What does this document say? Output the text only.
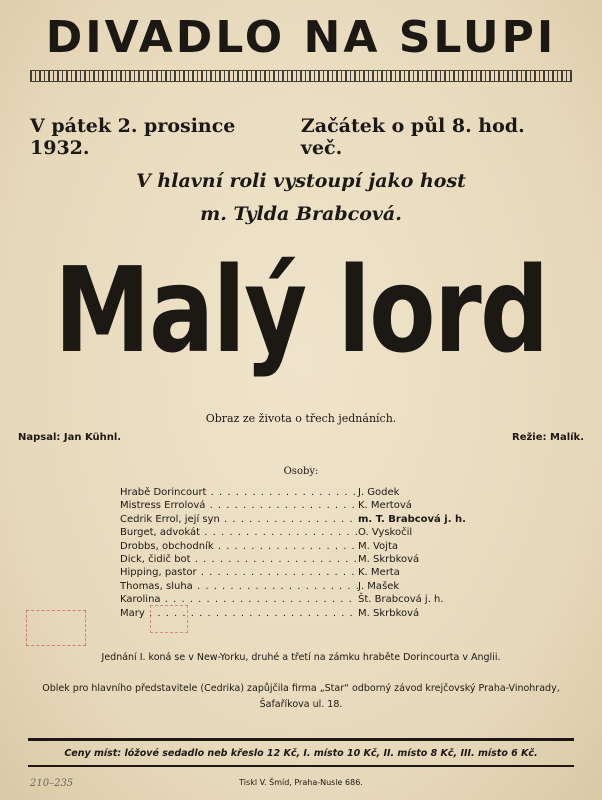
DIVADLO NA SLUPI
V pátek 2. prosince 1932.
Začátek o půl 8. hod. več.
V hlavní roli vystoupí jako host
m. Tylda Brabcová.
Malý lord
Obraz ze života o třech jednáních.
Napsal: Jan Kühnl.	Režie: Malík.
Osoby:
Hrabě Dorincourt . . .	J. Godek
Mistress Errolová . . .	K. Mertová
Cedrik Errol, její syn . . .	m. T. Brabcová j. h.
Burget, advokát . . .	O. Vyskočil
Drobbs, obchodník . . .	M. Vojta
Dick, čidič bot . . .	M. Skrbková
Hipping, pastor . . .	K. Merta
Thomas, sluha . . .	J. Mašek
Karolina . . .	Št. Brabcová j. h.
Mary . . .	M. Skrbková
Jednání I. koná se v New-Yorku, druhé a třetí na zámku hraběte Dorincourta v Anglii.
Oblek pro hlavního představitele (Cedrika) zapůjčila firma „Star“ odborný závod krejčovský Praha-Vinohrady,
Šafaříkova ul. 18.
Ceny míst: lóžové sedadlo neb křeslo 12 Kč, I. místo 10 Kč, II. místo 8 Kč, III. místo 6 Kč.
210–235	Tiskl V. Šmíd, Praha-Nusle 686.
